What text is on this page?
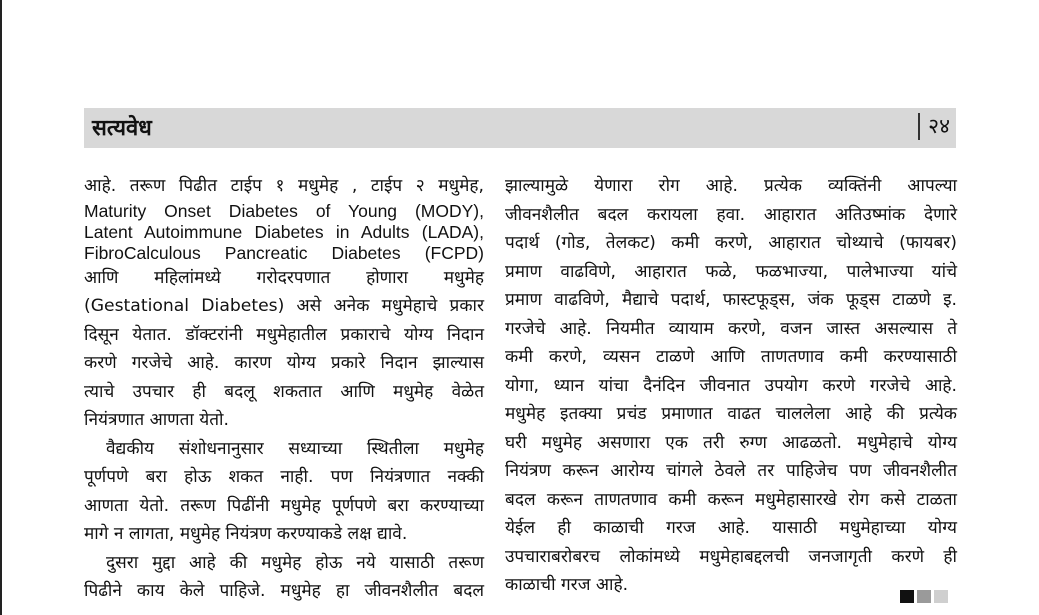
सत्यवेध	२४
आहे. तरूण पिढीत टाईप १ मधुमेह , टाईप २ मधुमेह,
Maturity Onset Diabetes of Young (MODY),
Latent Autoimmune Diabetes in Adults (LADA),
FibroCalculous Pancreatic Diabetes (FCPD)
आणि महिलांमध्ये गरोदरपणात होणारा मधुमेह
(Gestational Diabetes) असे अनेक मधुमेहाचे प्रकार
दिसून येतात. डॉक्टरांनी मधुमेहातील प्रकाराचे योग्य निदान
करणे गरजेचे आहे. कारण योग्य प्रकारे निदान झाल्यास
त्याचे उपचार ही बदलू शकतात आणि मधुमेह वेळेत
नियंत्रणात आणता येतो.
वैद्यकीय संशोधनानुसार सध्याच्या स्थितीला मधुमेह
पूर्णपणे बरा होऊ शकत नाही. पण नियंत्रणात नक्की
आणता येतो. तरूण पिढींनी मधुमेह पूर्णपणे बरा करण्याच्या
मागे न लागता, मधुमेह नियंत्रण करण्याकडे लक्ष द्यावे.
दुसरा मुद्दा आहे की मधुमेह होऊ नये यासाठी तरूण
पिढीने काय केले पाहिजे. मधुमेह हा जीवनशैलीत बदल
झाल्यामुळे येणारा रोग आहे. प्रत्येक व्यक्तिंनी आपल्या
जीवनशैलीत बदल करायला हवा. आहारात अतिउष्मांक देणारे
पदार्थ (गोड, तेलकट) कमी करणे, आहारात चोथ्याचे (फायबर)
प्रमाण वाढविणे, आहारात फळे, फळभाज्या, पालेभाज्या यांचे
प्रमाण वाढविणे, मैद्याचे पदार्थ, फास्टफूड्स, जंक फूड्स टाळणे इ.
गरजेचे आहे. नियमीत व्यायाम करणे, वजन जास्त असल्यास ते
कमी करणे, व्यसन टाळणे आणि ताणतणाव कमी करण्यासाठी
योगा, ध्यान यांचा दैनंदिन जीवनात उपयोग करणे गरजेचे आहे.
मधुमेह इतक्या प्रचंड प्रमाणात वाढत चाललेला आहे की प्रत्येक
घरी मधुमेह असणारा एक तरी रुग्ण आढळतो. मधुमेहाचे योग्य
नियंत्रण करून आरोग्य चांगले ठेवले तर पाहिजेच पण जीवनशैलीत
बदल करून ताणतणाव कमी करून मधुमेहासारखे रोग कसे टाळता
येईल ही काळाची गरज आहे. यासाठी मधुमेहाच्या योग्य
उपचाराबरोबरच लोकांमध्ये मधुमेहाबद्दलची जनजागृती करणे ही
काळाची गरज आहे.
